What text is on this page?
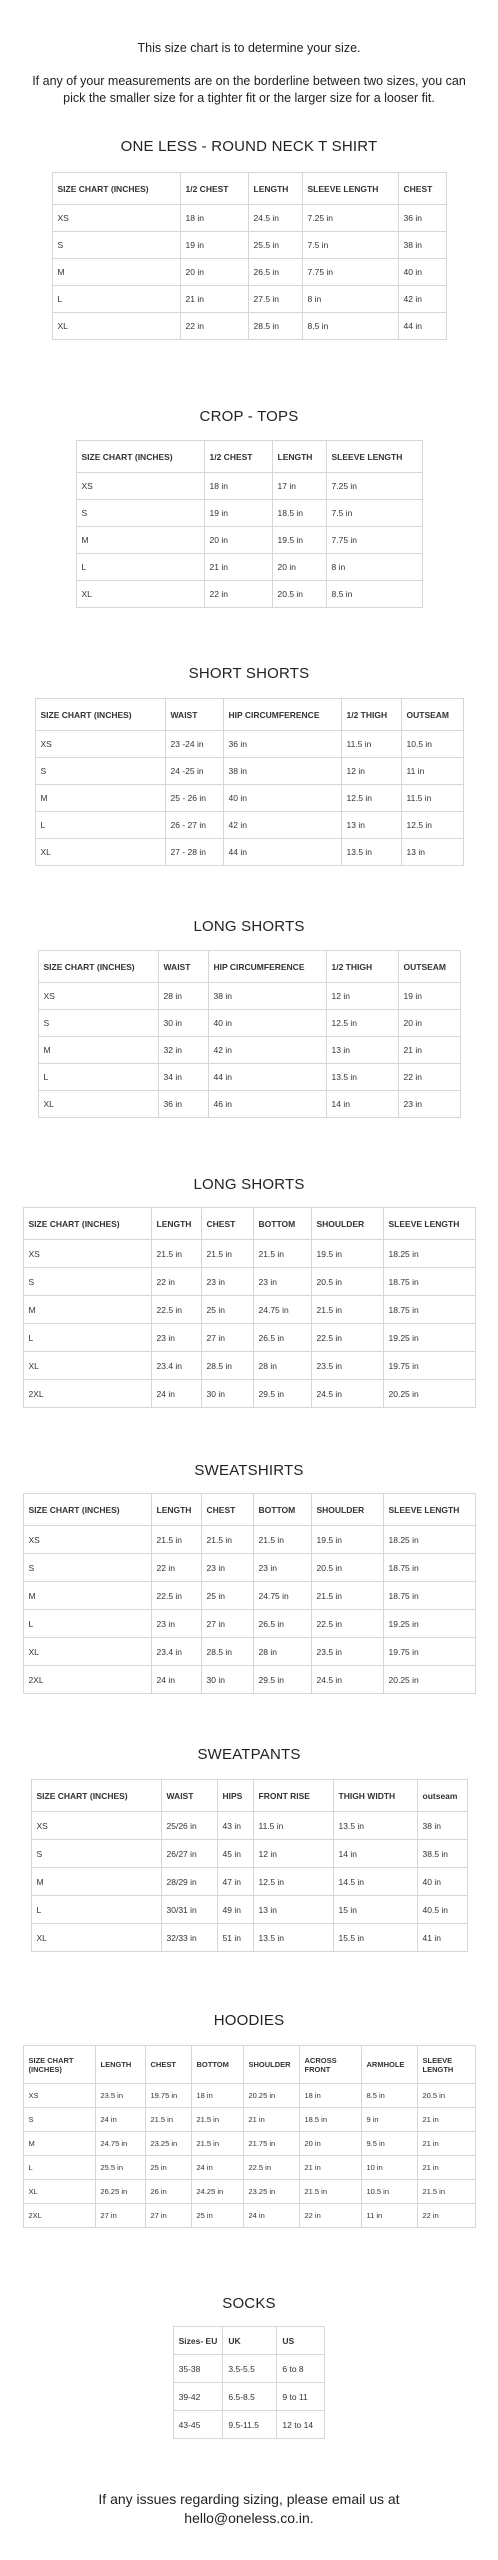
This size chart is to determine your size.

If any of your measurements are on the borderline between two sizes, you can pick the smaller size for a tighter fit or the larger size for a looser fit.

ONE LESS - ROUND NECK T SHIRT
SIZE CHART (INCHES)	1/2 CHEST	LENGTH	SLEEVE LENGTH	CHEST
XS	18 in	24.5 in	7.25 in	36 in
S	19 in	25.5 in	7.5 in	38 in
M	20 in	26.5 in	7.75 in	40 in
L	21 in	27.5 in	8 in	42 in
XL	22 in	28.5 in	8.5 in	44 in
CROP - TOPS
SIZE CHART (INCHES)	1/2 CHEST	LENGTH	SLEEVE LENGTH
XS	18 in	17 in	7.25 in
S	19 in	18.5 in	7.5 in
M	20 in	19.5 in	7.75 in
L	21 in	20 in	8 in
XL	22 in	20.5 in	8.5 in
SHORT SHORTS
SIZE CHART (INCHES)	WAIST	HIP CIRCUMFERENCE	1/2 THIGH	OUTSEAM
XS	23 -24 in	36 in	11.5 in	10.5 in
S	24 -25 in	38 in	12 in	11 in
M	25 - 26 in	40 in	12.5 in	11.5 in
L	26 - 27 in	42 in	13 in	12.5 in
XL	27 - 28 in	44 in	13.5 in	13 in
LONG SHORTS
SIZE CHART (INCHES)	WAIST	HIP CIRCUMFERENCE	1/2 THIGH	OUTSEAM
XS	28 in	38 in	12 in	19 in
S	30 in	40 in	12.5 in	20 in
M	32 in	42 in	13 in	21 in
L	34 in	44 in	13.5 in	22 in
XL	36 in	46 in	14 in	23 in
LONG SHORTS
SIZE CHART (INCHES)	LENGTH	CHEST	BOTTOM	SHOULDER	SLEEVE LENGTH
XS	21.5 in	21.5 in	21.5 in	19.5 in	18.25 in
S	22 in	23 in	23 in	20.5 in	18.75 in
M	22.5 in	25 in	24.75 in	21.5 in	18.75 in
L	23 in	27 in	26.5 in	22.5 in	19.25 in
XL	23.4 in	28.5 in	28 in	23.5 in	19.75 in
2XL	24 in	30 in	29.5 in	24.5 in	20.25 in
SWEATSHIRTS
SIZE CHART (INCHES)	LENGTH	CHEST	BOTTOM	SHOULDER	SLEEVE LENGTH
XS	21.5 in	21.5 in	21.5 in	19.5 in	18.25 in
S	22 in	23 in	23 in	20.5 in	18.75 in
M	22.5 in	25 in	24.75 in	21.5 in	18.75 in
L	23 in	27 in	26.5 in	22.5 in	19.25 in
XL	23.4 in	28.5 in	28 in	23.5 in	19.75 in
2XL	24 in	30 in	29.5 in	24.5 in	20.25 in
SWEATPANTS
SIZE CHART (INCHES)	WAIST	HIPS	FRONT RISE	THIGH WIDTH	outseam
XS	25/26 in	43 in	11.5 in	13.5 in	38 in
S	26/27 in	45 in	12 in	14 in	38.5 in
M	28/29 in	47 in	12.5 in	14.5 in	40 in
L	30/31 in	49 in	13 in	15 in	40.5 in
XL	32/33 in	51 in	13.5 in	15.5 in	41 in
HOODIES
SIZE CHART (INCHES)	LENGTH	CHEST	BOTTOM	SHOULDER	ACROSS FRONT	ARMHOLE	SLEEVE LENGTH
XS	23.5 in	19.75 in	18 in	20.25 in	18 in	8.5 in	20.5 in
S	24 in	21.5 in	21.5 in	21 in	18.5 in	9 in	21 in
M	24.75 in	23.25 in	21.5 in	21.75 in	20 in	9.5 in	21 in
L	25.5 in	25 in	24 in	22.5 in	21 in	10 in	21 in
XL	26.25 in	26 in	24.25 in	23.25 in	21.5 in	10.5 in	21.5 in
2XL	27 in	27 in	25 in	24 in	22 in	11 in	22 in
SOCKS
Sizes- EU	UK	US
35-38	3.5-5.5	6 to 8
39-42	6.5-8.5	9 to 11
43-45	9.5-11.5	12 to 14
If any issues regarding sizing, please email us at
hello@oneless.co.in.
